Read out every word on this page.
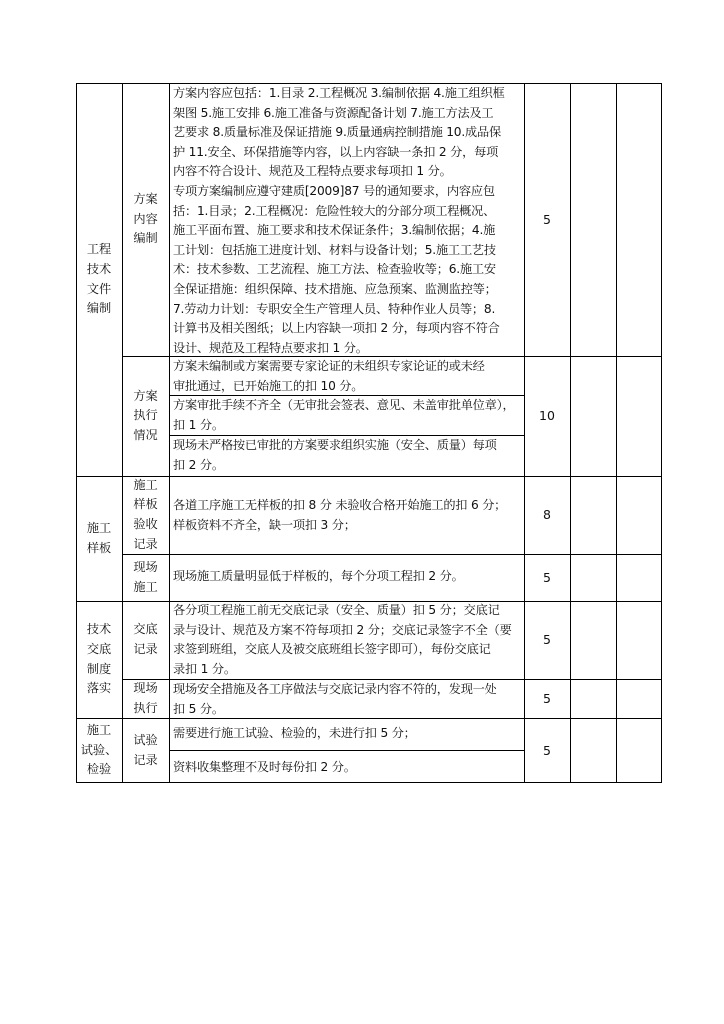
工程
技术
文件
编制
方案
内容
编制
方案内容应包括：1.目录 2.工程概况 3.编制依据 4.施工组织框
架图 5.施工安排 6.施工准备与资源配备计划 7.施工方法及工
艺要求 8.质量标准及保证措施 9.质量通病控制措施 10.成品保
护 11.安全、环保措施等内容，以上内容缺一条扣 2 分，每项
内容不符合设计、规范及工程特点要求每项扣 1 分。
专项方案编制应遵守建质[2009]87 号的通知要求，内容应包
括：1.目录；2.工程概况：危险性较大的分部分项工程概况、
施工平面布置、施工要求和技术保证条件；3.编制依据；4.施
工计划：包括施工进度计划、材料与设备计划；5.施工工艺技
术：技术参数、工艺流程、施工方法、检查验收等；6.施工安
全保证措施：组织保障、技术措施、应急预案、监测监控等；
7.劳动力计划：专职安全生产管理人员、特种作业人员等；8.
计算书及相关图纸；以上内容缺一项扣 2 分，每项内容不符合
设计、规范及工程特点要求扣 1 分。
5
方案
执行
情况
方案未编制或方案需要专家论证的未组织专家论证的或未经
审批通过，已开始施工的扣 10 分。
方案审批手续不齐全（无审批会签表、意见、未盖审批单位章），
扣 1 分。
现场未严格按已审批的方案要求组织实施（安全、质量）每项
扣 2 分。
10
施工
样板
施工
样板
验收
记录
各道工序施工无样板的扣 8 分 未验收合格开始施工的扣 6 分；
样板资料不齐全，缺一项扣 3 分；
8
现场
施工
现场施工质量明显低于样板的，每个分项工程扣 2 分。	5
技术
交底
制度
落实
交底
记录
各分项工程施工前无交底记录（安全、质量）扣 5 分；交底记
录与设计、规范及方案不符每项扣 2 分；交底记录签字不全（要
求签到班组，交底人及被交底班组长签字即可），每份交底记
录扣 1 分。
5
现场
执行
现场安全措施及各工序做法与交底记录内容不符的，发现一处
扣 5 分。
5
施工
试验、
检验
试验
记录
需要进行施工试验、检验的，未进行扣 5 分；
资料收集整理不及时每份扣 2 分。
5
